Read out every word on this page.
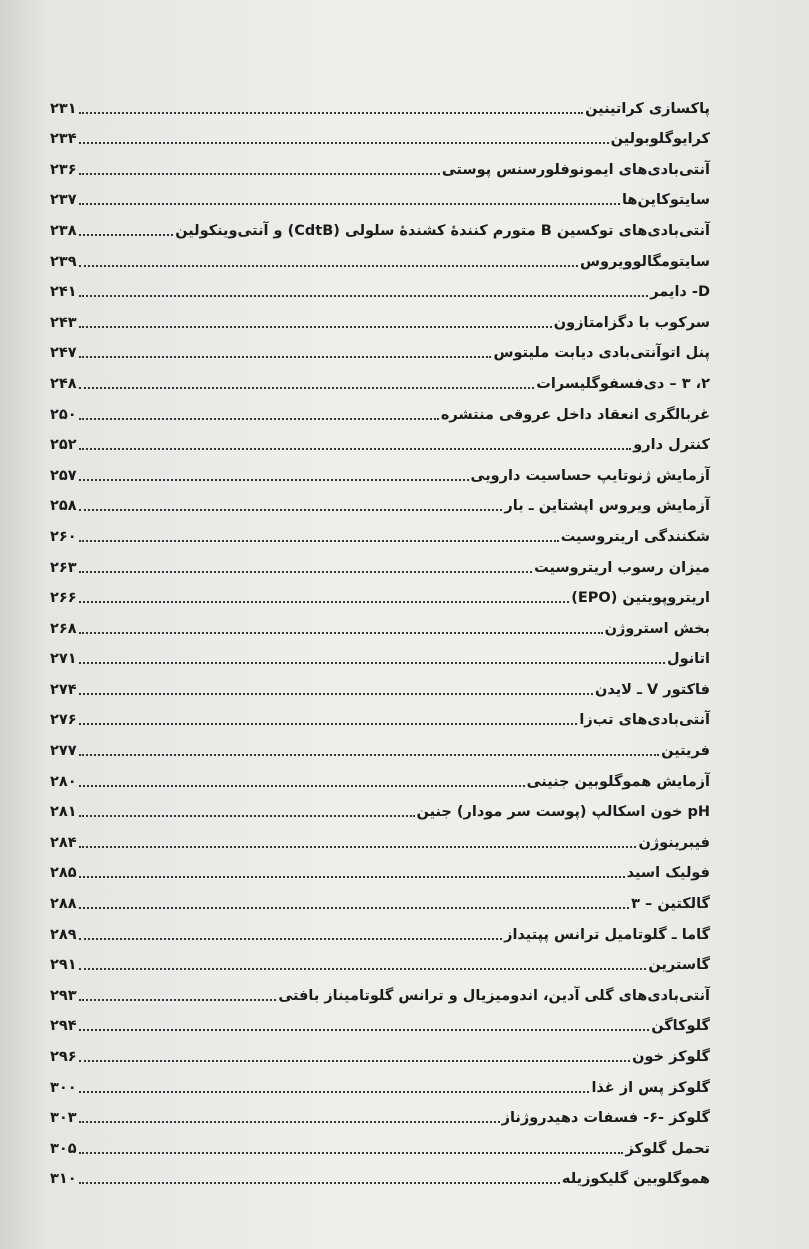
پاکسازی کراتینین
۲۳۱
کرایوگلوبولین
۲۳۴
آنتی‌بادی‌های ایمونوفلورسنس پوستی
۲۳۶
سایتوکاین‌ها
۲۳۷
آنتی‌بادی‌های توکسین B متورم کنندۀ کشندۀ سلولی (CdtB) و آنتی‌وینکولین
۲۳۸
سایتومگالوویروس
۲۳۹
D- دایمر
۲۴۱
سرکوب با دگزامتازون
۲۴۳
پنل اتوآنتی‌بادی دیابت ملیتوس
۲۴۷
۲، ۳ – دی‌فسفوگلیسرات
۲۴۸
غربالگری انعقاد داخل عروقی منتشره
۲۵۰
کنترل دارو
۲۵۲
آزمایش ژنوتایپ حساسیت دارویی
۲۵۷
آزمایش ویروس اپشتاین ـ بار
۲۵۸
شکنندگی اریتروسیت
۲۶۰
میزان رسوب اریتروسیت
۲۶۳
اریتروپویتین (EPO)
۲۶۶
بخش استروژن
۲۶۸
اتانول
۲۷۱
فاکتور V ـ لایدن
۲۷۴
آنتی‌بادی‌های تب‌زا
۲۷۶
فریتین
۲۷۷
آزمایش هموگلوبین جنینی
۲۸۰
pH خون اسکالپ (پوست سر مودار) جنین
۲۸۱
فیبرینوژن
۲۸۴
فولیک اسید
۲۸۵
گالکتین – ۳
۲۸۸
گاما ـ گلوتامیل ترانس پپتیداز
۲۸۹
گاسترین
۲۹۱
آنتی‌بادی‌های گلی آدین، اندومیزیال و ترانس گلوتامیناز بافتی
۲۹۳
گلوکاگن
۲۹۴
گلوکز خون
۲۹۶
گلوکز پس از غذا
۳۰۰
گلوکز -۶- فسفات دهیدروژناز
۳۰۳
تحمل گلوکز
۳۰۵
هموگلوبین گلیکوزیله
۳۱۰
